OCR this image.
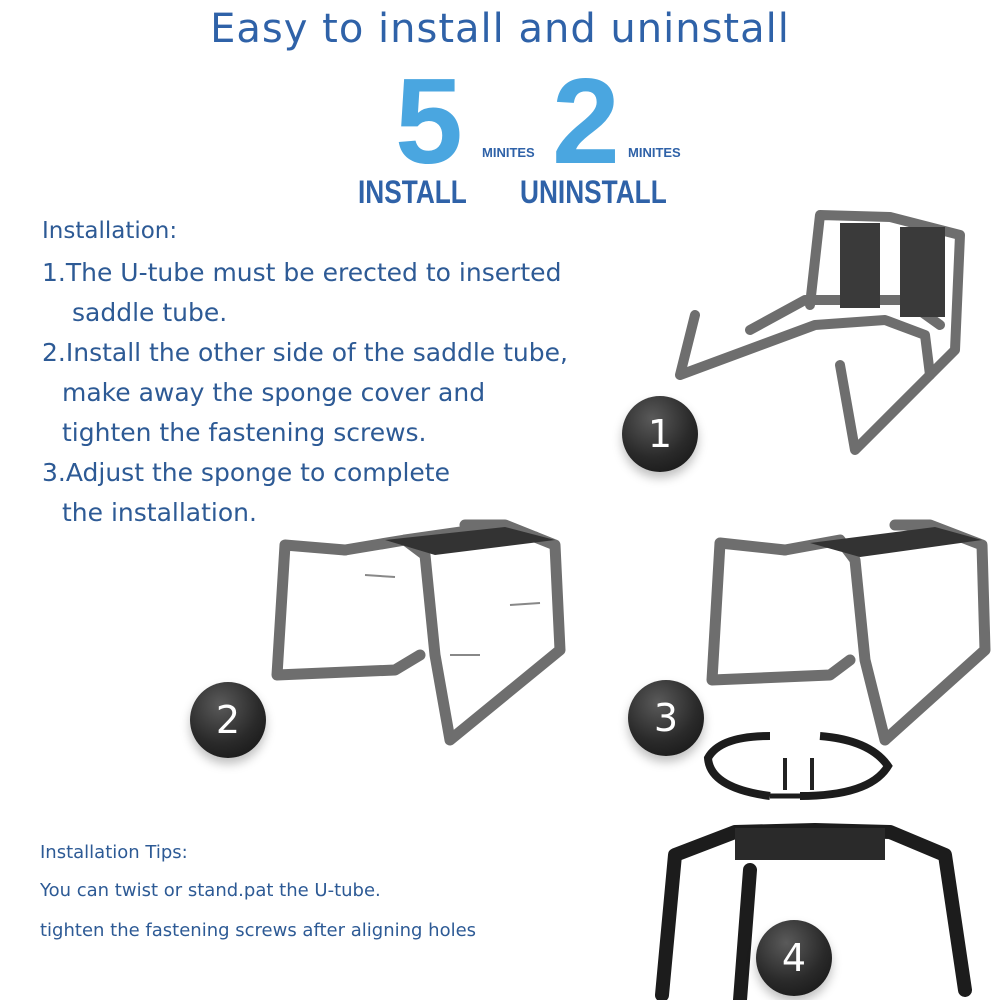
Easy to install and uninstall
5 MINITES 2 MINITES
INSTALL UNINSTALL
Installation:
1.The U-tube must be erected to inserted
saddle tube.
2.Install the other side of the saddle tube,
make away the sponge cover and
tighten the fastening screws.
3.Adjust the sponge to complete
the installation.
Installation Tips:
You can twist or stand.pat the U-tube.
tighten the fastening screws after aligning holes
1
2	3
4
